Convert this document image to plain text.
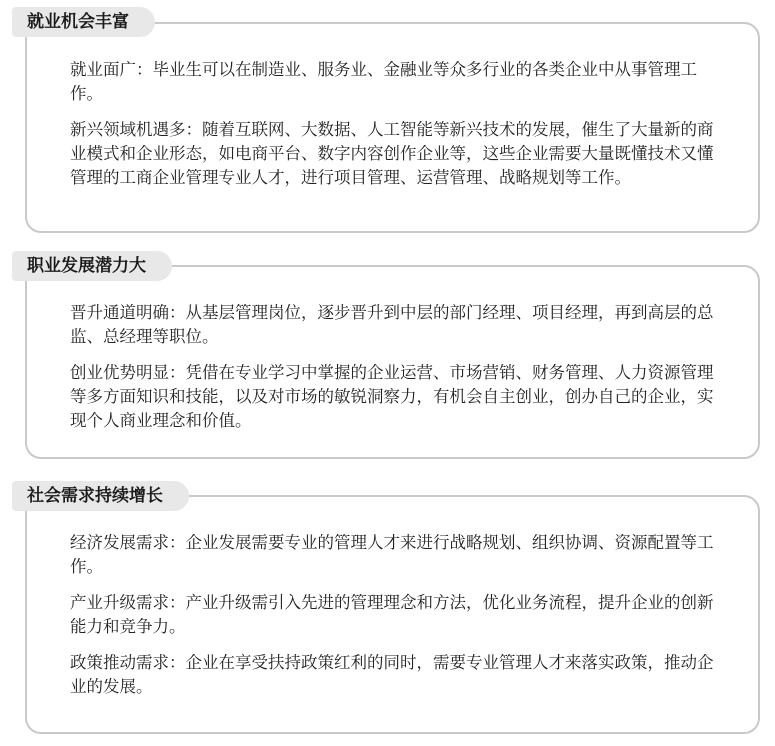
就业机会丰富

就业面广：毕业生可以在制造业、服务业、金融业等众多行业的各类企业中从事管理工作。

新兴领域机遇多：随着互联网、大数据、人工智能等新兴技术的发展，催生了大量新的商业模式和企业形态，如电商平台、数字内容创作企业等，这些企业需要大量既懂技术又懂管理的工商企业管理专业人才，进行项目管理、运营管理、战略规划等工作。

职业发展潜力大

晋升通道明确：从基层管理岗位，逐步晋升到中层的部门经理、项目经理，再到高层的总监、总经理等职位。

创业优势明显：凭借在专业学习中掌握的企业运营、市场营销、财务管理、人力资源管理等多方面知识和技能，以及对市场的敏锐洞察力，有机会自主创业，创办自己的企业，实现个人商业理念和价值。

社会需求持续增长

经济发展需求：企业发展需要专业的管理人才来进行战略规划、组织协调、资源配置等工作。

产业升级需求：产业升级需引入先进的管理理念和方法，优化业务流程，提升企业的创新能力和竞争力。

政策推动需求：企业在享受扶持政策红利的同时，需要专业管理人才来落实政策，推动企业的发展。
